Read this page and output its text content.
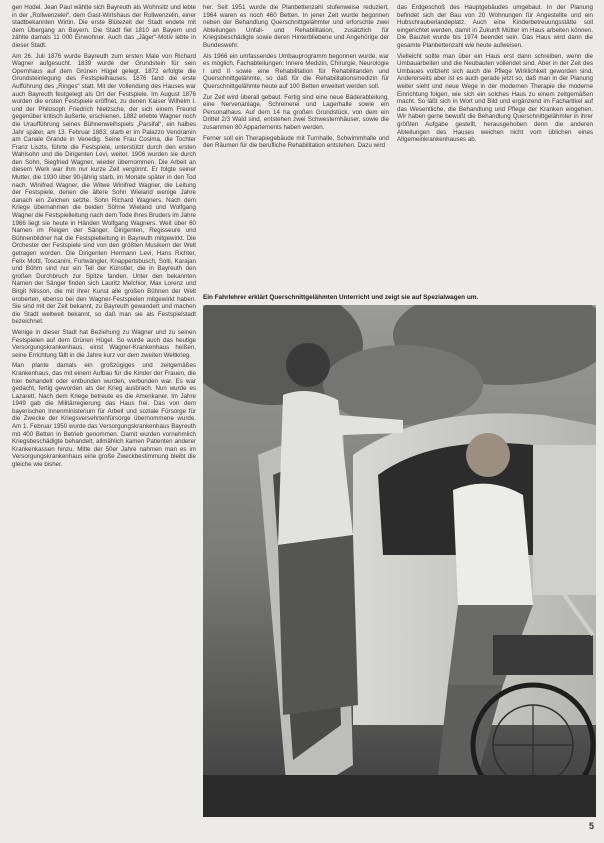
gen Hodel. Jean Paul wählte sich Bayreuth als Wohnsitz und lebte in der „Rollwenzelei“, dem Gast-Wirtshaus der Rollwenzelin, einer stadtbekannten Wirtin. Die erste Blütezeit der Stadt endete mit dem Übergang an Bayern. Die Stadt fiel 1810 an Bayern und zählte damals 11 000 Einwohner. Auch das „Jäger“-Motiv lebte in dieser Stadt.

Am 26. Juli 1876 wurde Bayreuth zum ersten Male von Richard Wagner aufgesucht. 1839 wurde der Grundstein für sein Opernhaus auf dem Grünen Hügel gelegt. 1872 erfolgte die Grundsteinlegung des Festspielhauses. 1876 fand die erste Aufführung des „Ringes“ statt. Mit der Vollendung des Hauses war auch Bayreuth festgelegt als Ort der Festspiele. Im August 1876 wurden die ersten Festspiele eröffnet, zu denen Kaiser Wilhelm I. und der Philosoph Friedrich Nietzsche, der sich einem Freund gegenüber kritisch äußerte, erschienen. 1882 erlebte Wagner noch die Uraufführung seines Bühnenweihspiels „Parsifal“, ein halbes Jahr später, am 13. Februar 1883, starb er im Palazzo Vendramin am Canale Grande in Venedig. Seine Frau Cosima, die Tochter Franz Liszts, führte die Festspiele, unterstützt durch den ersten Wahlsohn und die Dirigenten Levi, weiter. 1906 wurden sie durch den Sohn, Siegfried Wagner, wieder übernommen. Die Arbeit an diesem Werk war ihm nur kurze Zeit vergönnt. Er folgte seiner Mutter, die 1930 über 90-jährig starb, im Monate später in den Tod nach. Winifred Wagner, die Witwe Winifred Wagner, die Leitung der Festspiele, denen die ältere Sohn Wieland wenige Jahre danach ein Zeichen setzte. Sohn Richard Wagners. Nach dem Kriege übernahmen die beiden Söhne Wieland und Wolfgang Wagner die Festspielleitung nach dem Tode ihres Bruders im Jahre 1966 liegt sie heute in Händen Wolfgang Wagners. Weit über 60 Namen im Reigen der Sänger, Dirigenten, Regisseure und Bühnenbildner hat die Festspielleitung in Bayreuth mitgewirkt. Die Orchester der Festspiele sind von den größten Musikern der Welt getragen worden. Die Dirigenten Hermann Levi, Hans Richter, Felix Mottl, Toscanini, Furtwängler, Knappertsbusch, Solti, Karajan und Böhm sind nur ein Teil der Künstler, die in Bayreuth den großen Durchbruch zur Spitze fanden. Unter den bekannten Namen der Sänger finden sich Lauritz Melchior, Max Lorenz und Birgit Nilsson, die mit ihrer Kunst alle großen Bühnen der Welt eroberten, ebenso bei den Wagner-Festspielen mitgewirkt haben. Sie sind mit der Zeit bekannt, zu Bayreuth gewandert und machen die Stadt weltweit bekannt, so daß man sie als Festspielstadt bezeichnet.

Wenige in dieser Stadt hat Beziehung zu Wagner und zu seinen Festspielen auf dem Grünen Hügel. So wurde auch das heutige Versorgungskrankenhaus, einst Wagner-Krankenhaus heißen, seine Errichtung fällt in die Jahre kurz vor dem zweiten Weltkrieg.

Man plante damals ein großzügiges und zeitgemäßes Krankenhaus, das mit einem Aufbau für die Kinder der Frauen, die hier behandelt oder entbunden wurden, verbunden war. Es war gedacht, fertig geworden als der Krieg ausbrach. Nun wurde es Lazarett. Nach dem Kriege betreute es die Amerikaner. Im Jahre 1949 gab die Militärregierung das Haus frei. Das von dem bayerischen Innenministerium für Arbeit und soziale Fürsorge für die Zwecke der Kriegsversehrtenfürsorge übernommene wurde. Am 1. Februar 1950 wurde das Versorgungskrankenhaus Bayreuth mit 400 Betten in Betrieb genommen. Damit wurden vornehmlich Kriegsbeschädigte behandelt, allmählich kamen Patienten anderer Krankenkassen hinzu. Mitte der 50er Jahre nahmen man es im Versorgungskrankenhaus eine große Zweckbestimmung bleibt die gleiche wie bisher.

her. Seit 1951 wurde die Planbettenzahl stufenweise reduziert, 1964 waren es noch 460 Betten. In jener Zeit wurde begonnen neben der Behandlung Querschnittgelähmter und erforschte zwei Abteilungen Unfall- und Rehabilitation, zusätzlich für Kriegsbeschädigte sowie deren Hinterbliebene und Angehörige der Bundeswehr.

Als 1966 ein umfassendes Umbauprogramm begonnen wurde, war es möglich, Fachabteilungen: Innere Medizin, Chirurgie, Neurologie I und II sowie eine Rehabilitation für Rehabilitanden und Querschnittgelähmte, so daß für die Rehabilitationsmedizin für Querschnittgelähmte heute auf 100 Betten erweitert werden soll.

Zur Zeit wird überall gebaut. Fertig sind eine neue Bäderabteilung, eine Nervenanlage, Schreinerei und Lagerhalle sowie ein Personalhaus. Auf dem 14 ha großen Grundstück, von dem ein Drittel 2/3 Wald sind, entstehen zwei Schwesternhäuser, sowie die zusammen 80 Appartements haben werden.

Ferner soll ein Therapiegebäude mit Turnhalle, Schwimmhalle und den Räumen für die berufliche Rehabilitation entstehen. Dazu wird

das Erdgeschoß des Hauptgebäudes umgebaut. In der Planung befindet sich der Bau von 20 Wohnungen für Angestellte und ein Hubschrauberlandeplatz. Auch eine Kinderbetreuungsstätte soll eingerichtet werden, damit in Zukunft Mütter im Haus arbeiten können. Die Bauzeit wurde bis 1974 beendet sein. Das Haus wird dann die gesamte Planbettenzahl wie heute aufweisen.

Vielleicht sollte man über ein Haus erst dann schreiben, wenn die Umbauarbeiten und die Neubauten vollendet sind. Aber in der Zeit des Umbaues vollzieht sich auch die Pflege Wirklichkeit geworden sind, Andererseits aber ist es auch gerade jetzt so, daß man in der Planung weiter sieht und neue Wege in der modernen Therapie die moderne Einrichtung folgen, wie sich ein solches Haus zu einem zeitgemäßen macht. So läßt sich in Wort und Bild und ergänzend im Fachartikel auf das Wesentliche, die Behandlung und Pflege der Kranken eingehen. Wir haben gerne bewußt die Behandlung Querschnittgelähmter in ihrer größten Aufgabe gestellt, herausgehoben denn die anderen Abteilungen des Hauses weichen nicht vom üblichen eines Allgemeinkrankenhauses ab.

Ein Fahrlehrer erklärt Querschnittgelähmten Unterricht und zeigt sie auf Spezialwagen um.
5
